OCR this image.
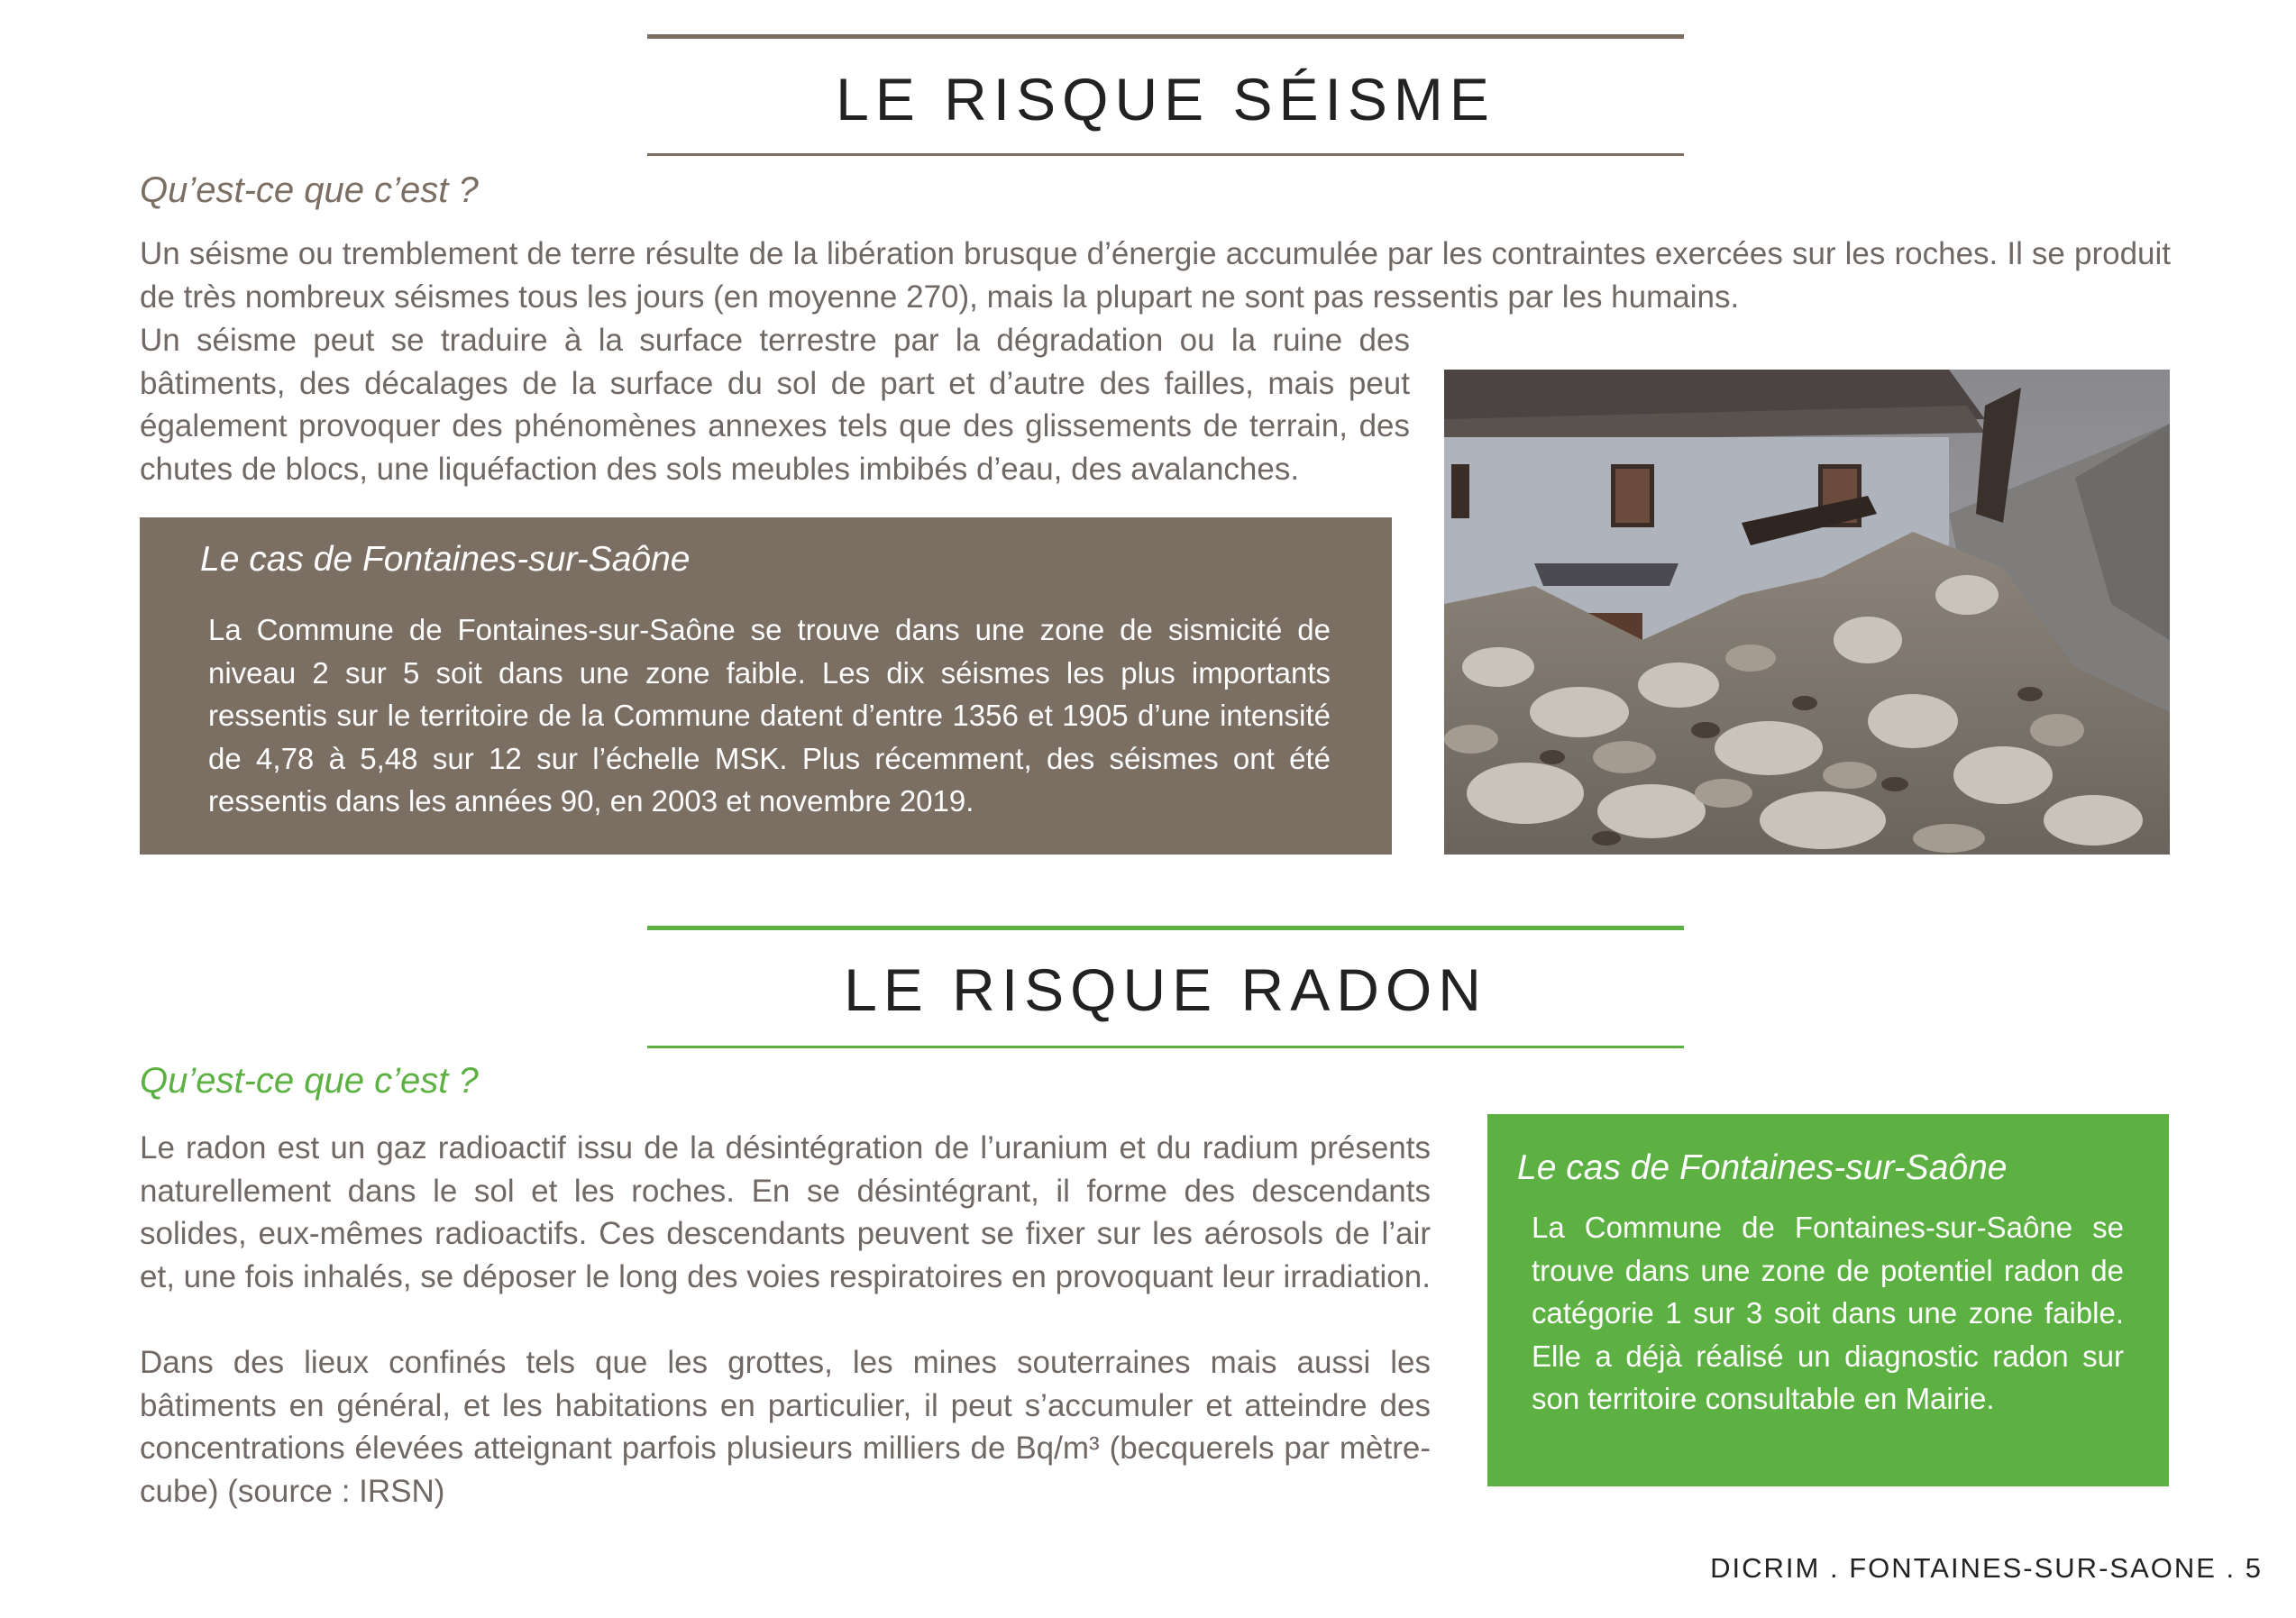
LE RISQUE SÉISME
Qu’est-ce que c’est ?

Un séisme ou tremblement de terre résulte de la libération brusque d’énergie accumulée par les contraintes exercées sur les roches. Il se produit de très nombreux séismes tous les jours (en moyenne 270), mais la plupart ne sont pas ressentis par les humains.

Un séisme peut se traduire à la surface terrestre par la dégradation ou la ruine des bâtiments, des décalages de la surface du sol de part et d’autre des failles, mais peut également provoquer des phénomènes annexes tels que des glissements de terrain, des chutes de blocs, une liquéfaction des sols meubles imbibés d’eau, des avalanches.

Le cas de Fontaines-sur-Saône

La Commune de Fontaines-sur-Saône se trouve dans une zone de sismicité de niveau 2 sur 5 soit dans une zone faible. Les dix séismes les plus importants ressentis sur le territoire de la Commune datent d’entre 1356 et 1905 d’une intensité de 4,78 à 5,48 sur 12 sur l’échelle MSK. Plus récemment, des séismes ont été ressentis dans les années 90, en 2003 et novembre 2019.

LE RISQUE RADON
Qu’est-ce que c’est ?

Le radon est un gaz radioactif issu de la désintégration de l’uranium et du radium présents naturellement dans le sol et les roches. En se désintégrant, il forme des descendants solides, eux-mêmes radioactifs. Ces descendants peuvent se fixer sur les aérosols de l’air et, une fois inhalés, se déposer le long des voies respiratoires en provoquant leur irradiation.

Dans des lieux confinés tels que les grottes, les mines souterraines mais aussi les bâtiments en général, et les habitations en particulier, il peut s’accumuler et atteindre des concentrations élevées atteignant parfois plusieurs milliers de Bq/m³ (becquerels par mètre-cube) (source : IRSN)

Le cas de Fontaines-sur-Saône

La Commune de Fontaines-sur-Saône se trouve dans une zone de potentiel radon de catégorie 1 sur 3 soit dans une zone faible. Elle a déjà réalisé un diagnostic radon sur son territoire consultable en Mairie.

DICRIM . FONTAINES-SUR-SAONE . 5
